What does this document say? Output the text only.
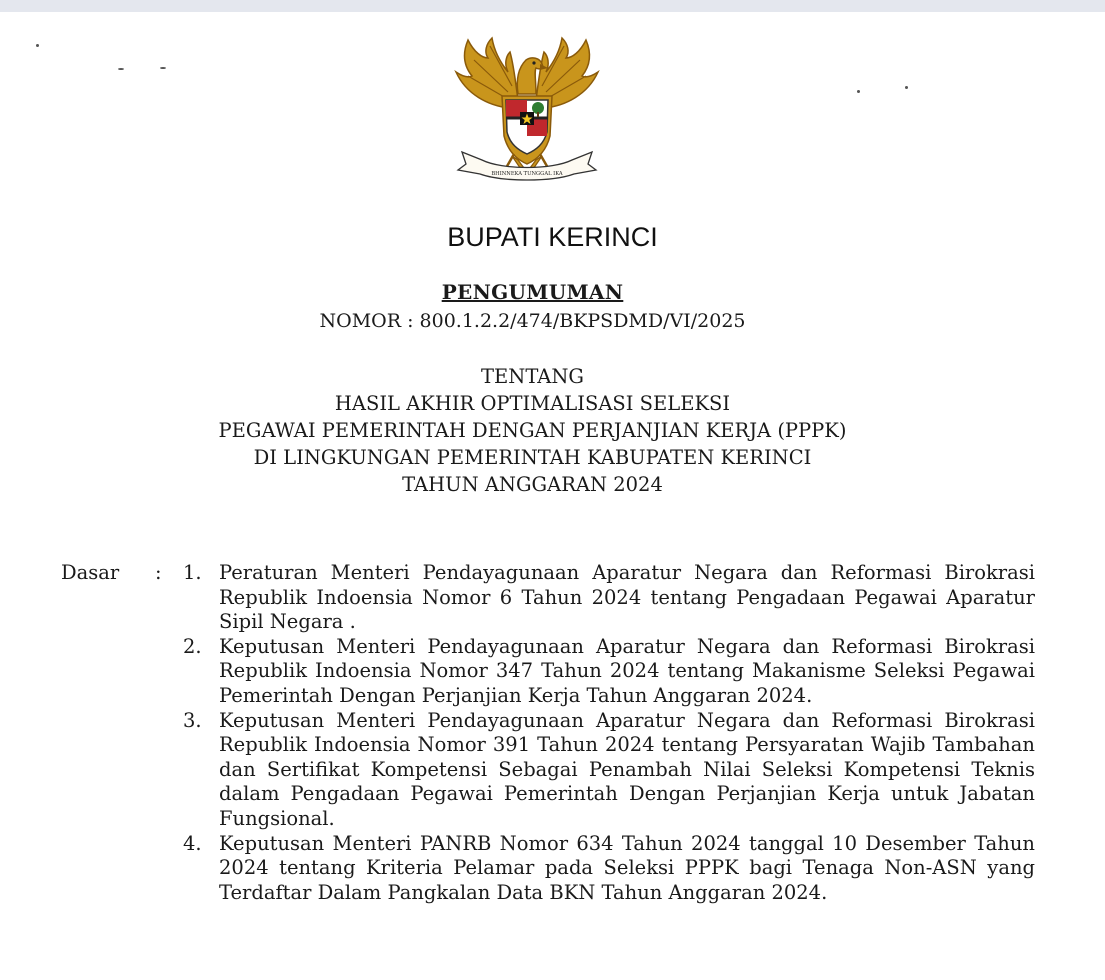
BHINNEKA TUNGGAL IKA
BUPATI KERINCI
PENGUMUMAN
NOMOR : 800.1.2.2/474/BKPSDMD/VI/2025
TENTANG
HASIL AKHIR OPTIMALISASI SELEKSI
PEGAWAI PEMERINTAH DENGAN PERJANJIAN KERJA (PPPK)
DI LINGKUNGAN PEMERINTAH KABUPATEN KERINCI
TAHUN ANGGARAN 2024
Dasar : 1. Peraturan Menteri Pendayagunaan Aparatur Negara dan Reformasi Birokrasi Republik Indoensia Nomor 6 Tahun 2024 tentang Pengadaan Pegawai Aparatur Sipil Negara .
2. Keputusan Menteri Pendayagunaan Aparatur Negara dan Reformasi Birokrasi Republik Indoensia Nomor 347 Tahun 2024 tentang Makanisme Seleksi Pegawai Pemerintah Dengan Perjanjian Kerja Tahun Anggaran 2024.
3. Keputusan Menteri Pendayagunaan Aparatur Negara dan Reformasi Birokrasi Republik Indoensia Nomor 391 Tahun 2024 tentang Persyaratan Wajib Tambahan dan Sertifikat Kompetensi Sebagai Penambah Nilai Seleksi Kompetensi Teknis dalam Pengadaan Pegawai Pemerintah Dengan Perjanjian Kerja untuk Jabatan Fungsional.
4. Keputusan Menteri PANRB Nomor 634 Tahun 2024 tanggal 10 Desember Tahun 2024 tentang Kriteria Pelamar pada Seleksi PPPK bagi Tenaga Non-ASN yang Terdaftar Dalam Pangkalan Data BKN Tahun Anggaran 2024.
